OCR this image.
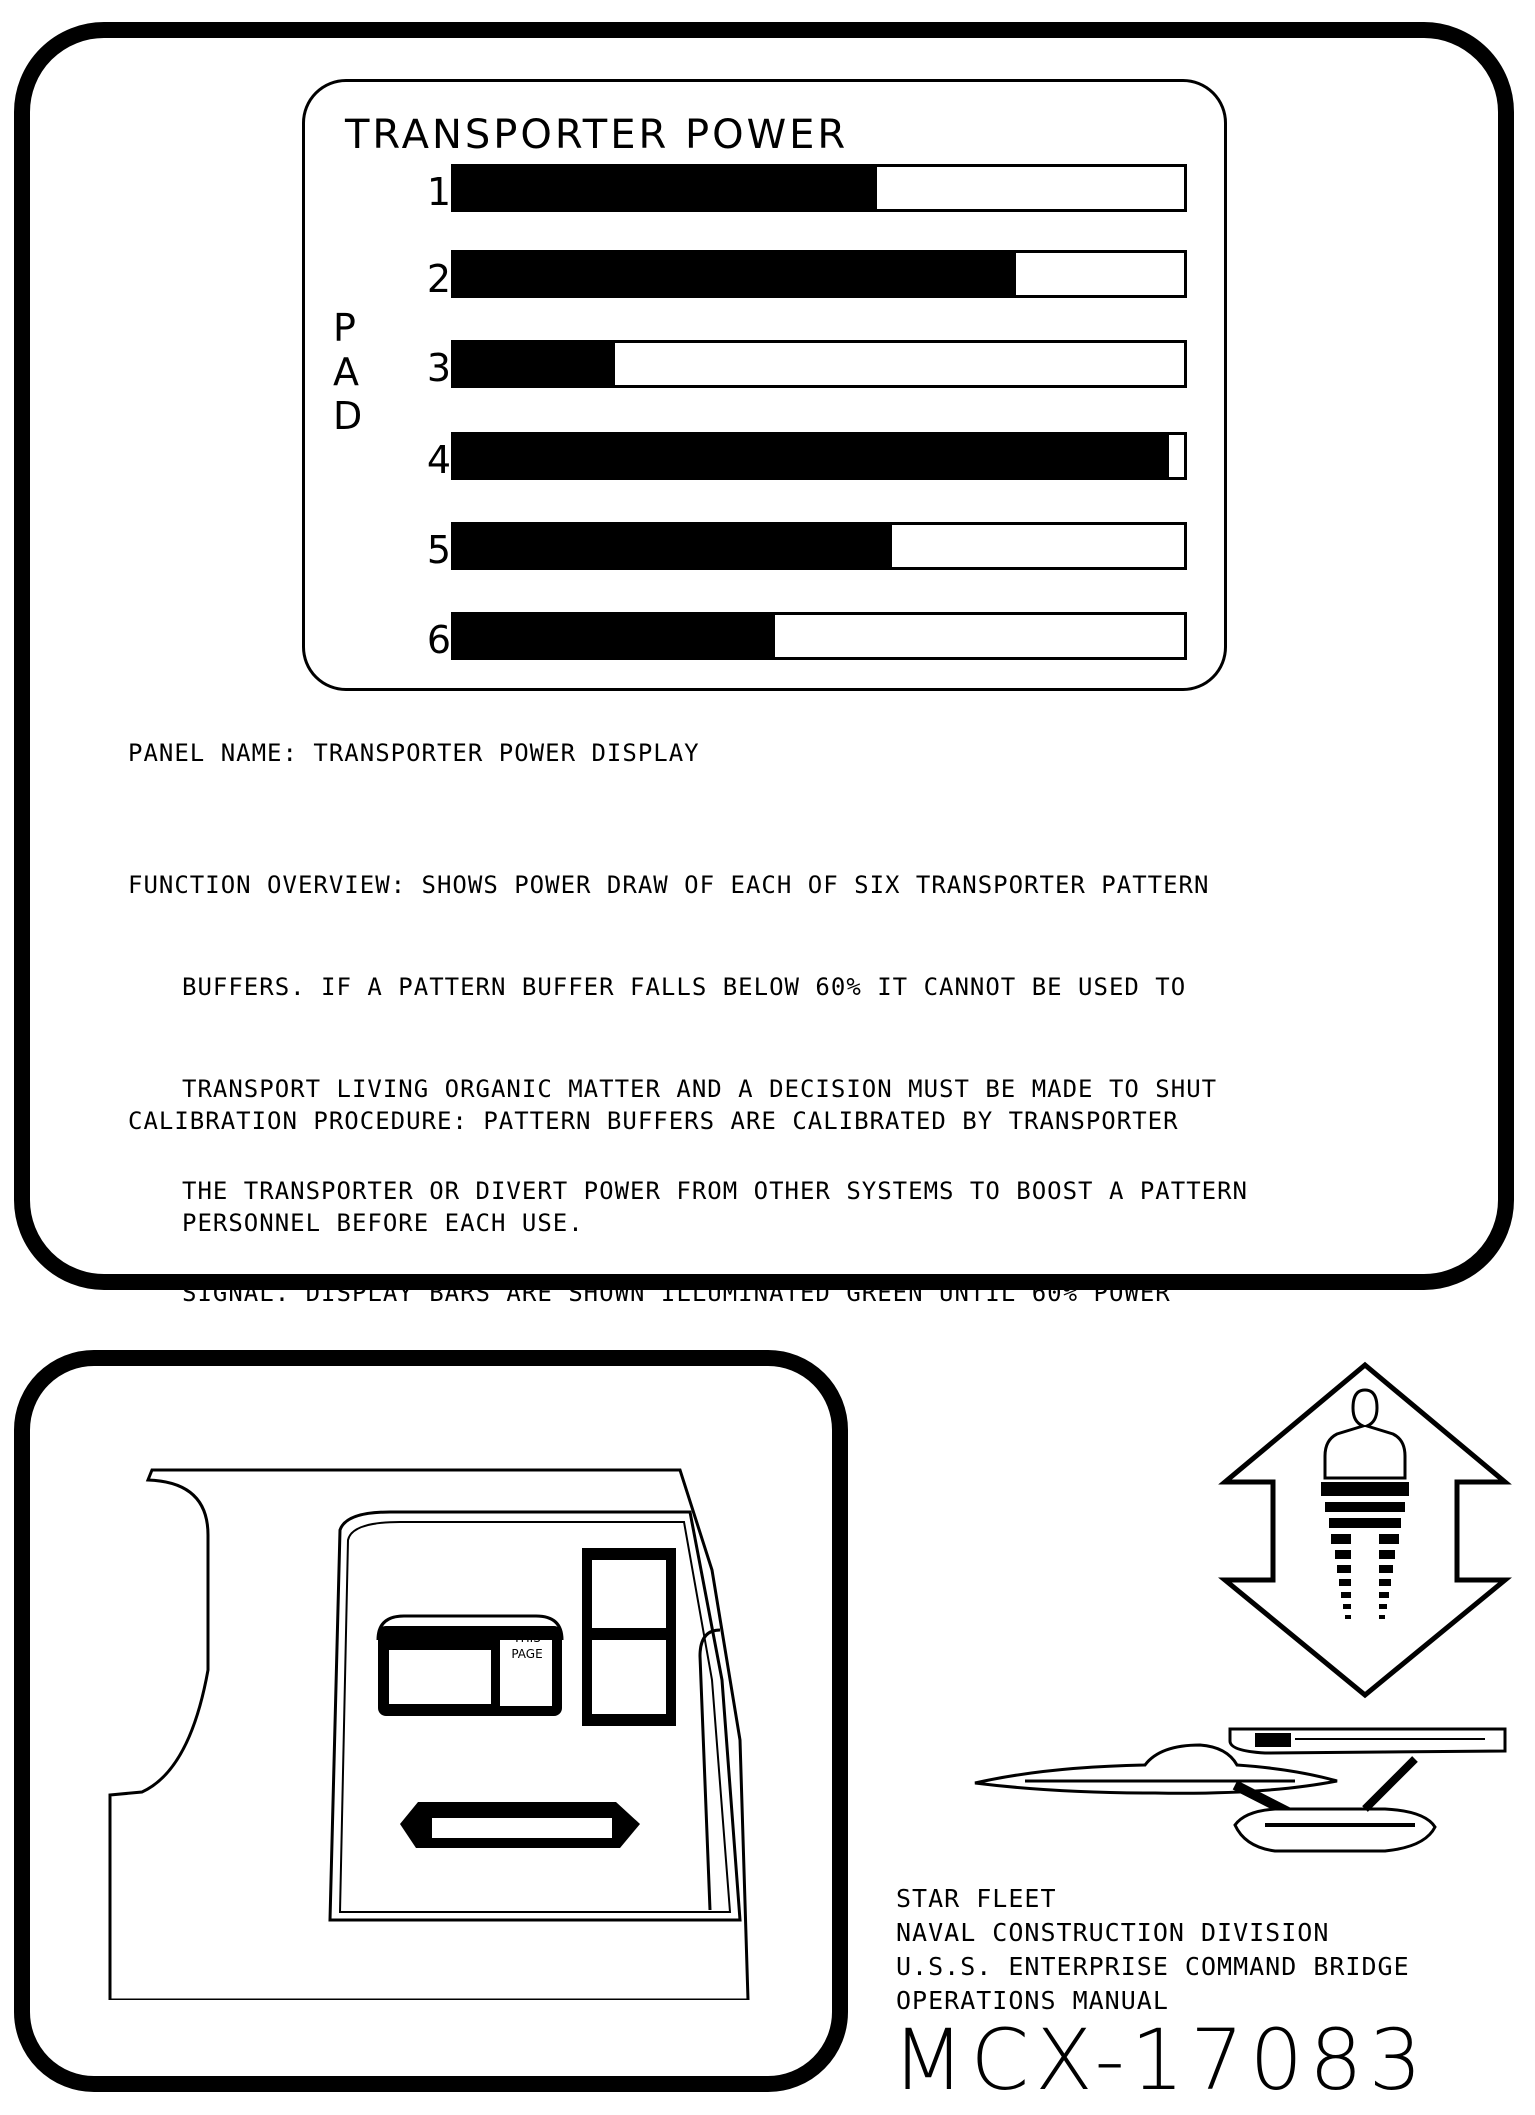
TRANSPORTER POWER
P
A
D
1
2
3
4
5
6
PANEL NAME: TRANSPORTER POWER DISPLAY

FUNCTION OVERVIEW: SHOWS POWER DRAW OF EACH OF SIX TRANSPORTER PATTERN

BUFFERS. IF A PATTERN BUFFER FALLS BELOW 60% IT CANNOT BE USED TO

TRANSPORT LIVING ORGANIC MATTER AND A DECISION MUST BE MADE TO SHUT

THE TRANSPORTER OR DIVERT POWER FROM OTHER SYSTEMS TO BOOST A PATTERN

SIGNAL. DISPLAY BARS ARE SHOWN ILLUMINATED GREEN UNTIL 60% POWER

CALIBRATION PROCEDURE: PATTERN BUFFERS ARE CALIBRATED BY TRANSPORTER

PERSONNEL BEFORE EACH USE.

THIS
PAGE
STAR FLEET
NAVAL CONSTRUCTION DIVISION
U.S.S. ENTERPRISE COMMAND BRIDGE
OPERATIONS MANUAL
MCX-17083
